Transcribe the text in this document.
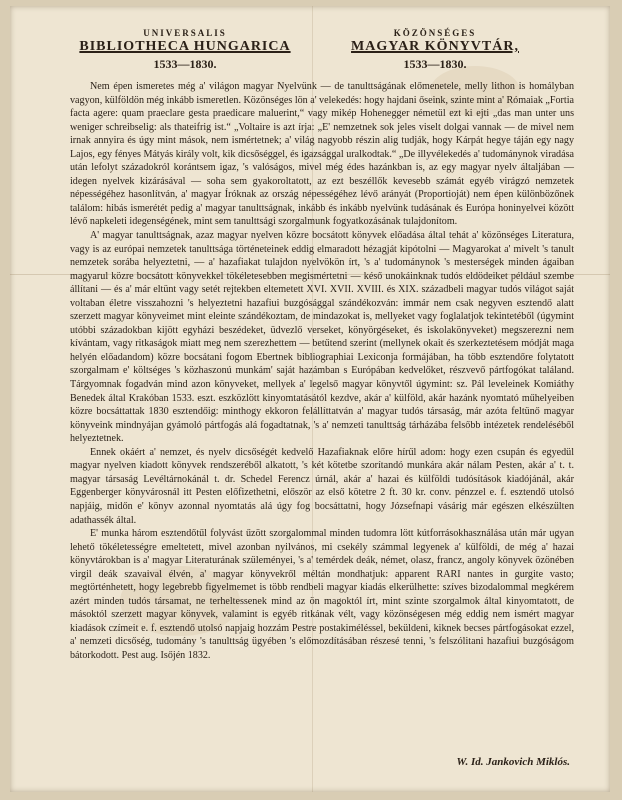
UNIVERSALIS
BIBLIOTHECA HUNGARICA
1533—1830.
KÖZÖNSÉGES
MAGYAR KÖNYVTÁR,
1533—1830.

Nem épen ismeretes még a' világon magyar Nyelvünk — de tanulttságának előmenetele, melly lithon is homályban vagyon, külföldön még inkább ismeretlen. Közönséges lön a' velekedés: hogy hajdani őseink, szinte mint a' Rómaiak „Fortia facta agere: quam praeclare gesta praedicare maluerint,“ vagy mikép Hohenegger németül ezt ki ejti „das man unter uns weniger schreibselig: als thateifrig ist.“ „Voltaire is azt írja: „E' nemzetnek sok jeles viselt dolgai vannak — de mivel nem irnak annyira és úgy mint mások, nem ismértetnek; a' világ nagyobb részin alig tudják, hogy Kárpát hegye táján egy nagy Lajos, egy fényes Mátyás király volt, kik dicsőséggel, és igazsággal uralkodtak.“ „De illyvélekedés a' tudománynok viradása után lefolyt századokról korántsem igaz, 's valóságos, mivel még édes hazánkban is, az egy magyar nyelv általjában — idegen nyelvek kizárásával — soha sem gyakoroltatott, az ezt beszéllők kevesebb számát egyéb virágzó nemzetek népességéhez hasonlítván, a' magyar Íróknak az ország népességéhez lévő arányát (Proportioját) nem épen különbözőnek találom: hibás ismerétét pedig a' magyar tanulttságnak, inkább és inkább nyelvünk tudásának és Európa honinyelvei között lévő napkeleti idegenségének, mint sem tanulttsági szorgalmunk fogyatkozásának tulajdonítom.

A' magyar tanulttságnak, azaz magyar nyelven közre bocsátott könyvek előadása által tehát a' közönséges Literatura, vagy is az európai nemzetek tanulttsága történeteinek eddig elmaradott hézagját kipótolni — Magyarokat a' mivelt 's tanult nemzetek sorába helyeztetni, — a' hazafiakat tulajdon nyelvökön írt, 's a' tudománynok 's mesterségek minden ágaiban magyarul közre bocsátott könyvekkel tökéletesebben megismértetni — késő unokáinknak tudós eldödeiket például szembe állítani — és a' már eltünt vagy setét rejtekben eltemetett XVI. XVII. XVIII. és XIX. századbeli magyar tudós világot saját voltaban életre visszahozni 's helyeztetni hazafiui buzgósággal szándékozván: immár nem csak negyven esztendő alatt szerzett magyar könyveimet mint eleinte szándékoztam, de mindazokat is, mellyeket vagy foglalatjok tekintetéből (úgymint utóbbi századokban kijött egyházi beszédeket, üdvezlő verseket, könyörgéseket, és iskolakönyveket) megszerezni nem kívántam, vagy ritkaságok miatt meg nem szerezhettem — betűtend szerint (mellynek okait és szerkeztetésem módját maga helyén előadandom) közre bocsátani fogom Ebertnek bibliographiai Lexiconja formájában, ha több esztendőre folytatott szorgalmam e' költséges 's közhaszonú munkám' saját hazámban s Európában kedvelőket, részvevő pártfogókat találand. Tárgyomnak fogadván mind azon könyveket, mellyek a' legelső magyar könyvtől úgymint: sz. Pál leveleinek Komiáthy Benedek által Krakóban 1533. eszt. eszközlött kinyomtatásától kezdve, akár a' külföld, akár hazánk nyomtató műhelyeiben közre bocsáttattak 1830 esztendőig: minthogy ekkoron felállíttatván a' magyar tudós társaság, már azóta feltünő magyar könyveink mindnyájan gyámoló pártfogás alá fogadtatnak, 's a' nemzeti tanulttság tárházába felsőbb intézetek rendeléséből helyeztetnek.

Ennek okáért a' nemzet, és nyelv dicsőségét kedvelő Hazafiaknak előre hírűl adom: hogy ezen csupán és egyedül magyar nyelven kiadott könyvek rendszeréből alkatott, 's két kötetbe szorítandó munkára akár nálam Pesten, akár a' t. t. magyar társaság Levéltárnokánál t. dr. Schedel Ferencz úrnál, akár a' hazai és külföldi tudósítások kiadójánál, akár Eggenberger könyvárosnál itt Pesten előfizethetni, először az első kötetre 2 ft. 30 kr. conv. pénzzel e. f. esztendő utolsó napjáig, midőn e' könyv azonnal nyomtatás alá úgy fog bocsáttatni, hogy Józsefnapi vásárig már egészen elkészülten adathassék által.

E' munka három esztendőtűl folyvást űzött szorgalommal minden tudomra lött kútforrásokhasználása után már ugyan lehető tökéletességre emeltetett, mivel azonban nyilvános, mi csekély számmal legyenek a' külföldi, de még a' hazai könyvtárokban is a' magyar Literaturának szüleményei, 's a' temérdek deák, német, olasz, francz, angoly könyvek özönében virgil deák szavaival élvén, a' magyar könyvekről méltán mondhatjuk: apparent RARI nantes in gurgite vasto; megtörténhetett, hogy legebrebb figyelmemet is több rendbeli magyar kiadás elkerülhette: szíves bizodalommal megkérem azért minden tudós társamat, ne terheltessenek mind az ön magoktól írt, mint szinte szorgalmok által kinyomtatott, de másoktól szerzett magyar könyvek, valamint is egyéb ritkának vélt, vagy közönségesen még eddig nem ismért magyar kiadások czímeit e. f. esztendő utolsó napjaig hozzám Pestre postakiméléssel, beküldeni, kiknek becses pártfogásokat ezzel, a' nemzeti dicsőség, tudomány 's tanulttság ügyében 's előmozdításában részesé tenni, 's felszólitani hazafiui buzgóságom bátorkodott. Pest aug. Isőjén 1832.

W. Id. Jankovich Miklós.
